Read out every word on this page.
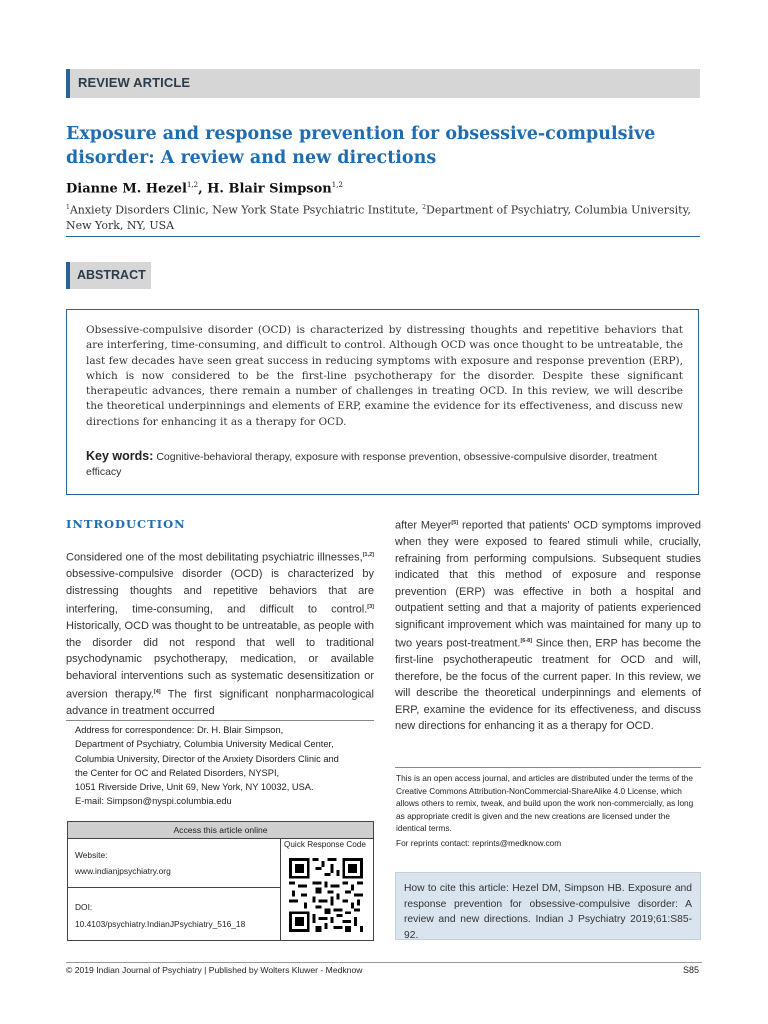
REVIEW ARTICLE
Exposure and response prevention for obsessive-compulsive disorder: A review and new directions
Dianne M. Hezel$^{1,2}$, H. Blair Simpson$^{1,2}$
$^1$Anxiety Disorders Clinic, New York State Psychiatric Institute, $^2$Department of Psychiatry, Columbia University, New York, NY, USA
ABSTRACT
Obsessive-compulsive disorder (OCD) is characterized by distressing thoughts and repetitive behaviors that are interfering, time-consuming, and difficult to control. Although OCD was once thought to be untreatable, the last few decades have seen great success in reducing symptoms with exposure and response prevention (ERP), which is now considered to be the first-line psychotherapy for the disorder. Despite these significant therapeutic advances, there remain a number of challenges in treating OCD. In this review, we will describe the theoretical underpinnings and elements of ERP, examine the evidence for its effectiveness, and discuss new directions for enhancing it as a therapy for OCD.
Key words: Cognitive-behavioral therapy, exposure with response prevention, obsessive-compulsive disorder, treatment efficacy
INTRODUCTION
Considered one of the most debilitating psychiatric illnesses,[1,2] obsessive-compulsive disorder (OCD) is characterized by distressing thoughts and repetitive behaviors that are interfering, time-consuming, and difficult to control.[3] Historically, OCD was thought to be untreatable, as people with the disorder did not respond that well to traditional psychodynamic psychotherapy, medication, or available behavioral interventions such as systematic desensitization or aversion therapy.[4] The first significant nonpharmacological advance in treatment occurred
after Meyer[5] reported that patients' OCD symptoms improved when they were exposed to feared stimuli while, crucially, refraining from performing compulsions. Subsequent studies indicated that this method of exposure and response prevention (ERP) was effective in both a hospital and outpatient setting and that a majority of patients experienced significant improvement which was maintained for many up to two years post-treatment.[6-8] Since then, ERP has become the first-line psychotherapeutic treatment for OCD and will, therefore, be the focus of the current paper. In this review, we will describe the theoretical underpinnings and elements of ERP, examine the evidence for its effectiveness, and discuss new directions for enhancing it as a therapy for OCD.
Address for correspondence: Dr. H. Blair Simpson,
Department of Psychiatry, Columbia University Medical Center,
Columbia University, Director of the Anxiety Disorders Clinic and
the Center for OC and Related Disorders, NYSPI,
1051 Riverside Drive, Unit 69, New York, NY 10032, USA.
E-mail: Simpson@nyspi.columbia.edu
Access this article online
Website:
www.indianjpsychiatry.org
DOI:
10.4103/psychiatry.IndianJPsychiatry_516_18
Quick Response Code
This is an open access journal, and articles are distributed under the terms of the Creative Commons Attribution-NonCommercial-ShareAlike 4.0 License, which allows others to remix, tweak, and build upon the work non-commercially, as long as appropriate credit is given and the new creations are licensed under the identical terms.
For reprints contact: reprints@medknow.com
How to cite this article: Hezel DM, Simpson HB. Exposure and response prevention for obsessive-compulsive disorder: A review and new directions. Indian J Psychiatry 2019;61:S85-92.
© 2019 Indian Journal of Psychiatry | Published by Wolters Kluwer - Medknow	S85
